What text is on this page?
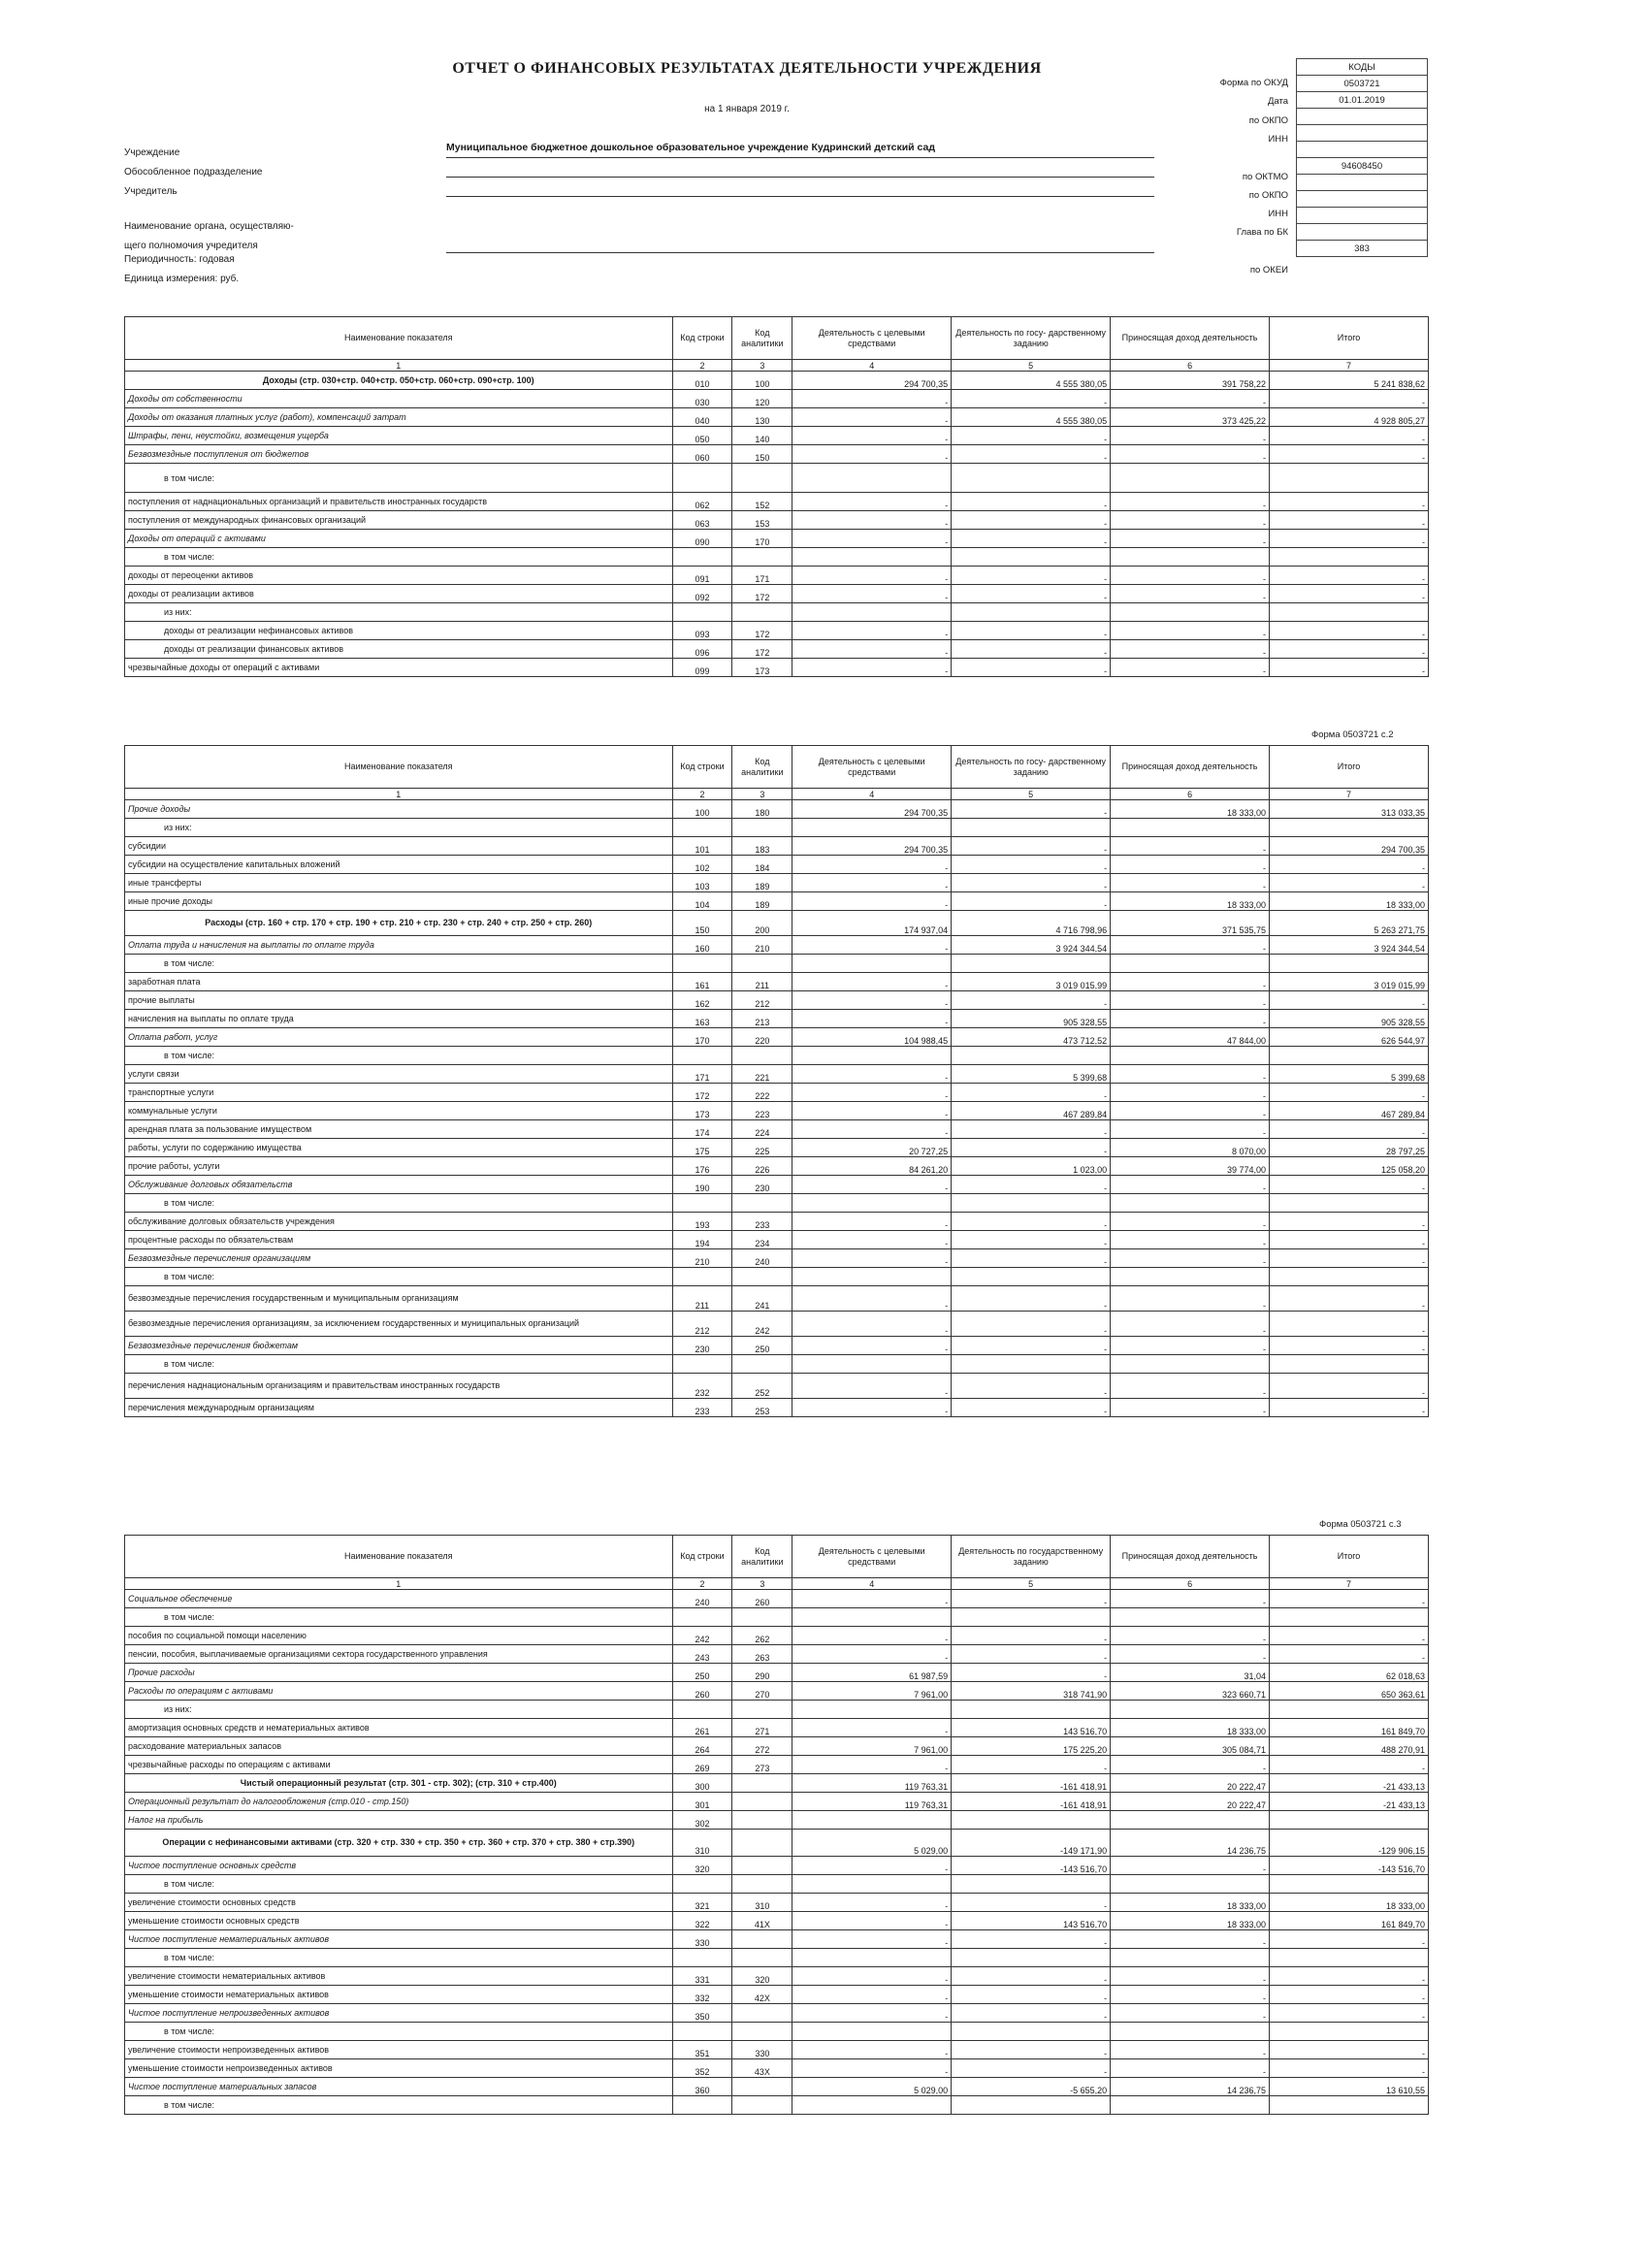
ОТЧЕТ О ФИНАНСОВЫХ РЕЗУЛЬТАТАХ ДЕЯТЕЛЬНОСТИ УЧРЕЖДЕНИЯ
на 1 января 2019 г.
Учреждение
Обособленное подразделение
Учредитель
Наименование органа, осуществляю-
щего полномочия учредителя
Периодичность: годовая
Единица измерения: руб.
Муниципальное бюджетное дошкольное образовательное учреждение Кудринский детский сад
Форма по ОКУД
Дата
по ОКПО
ИНН
по ОКТМО
по ОКПО
ИНН
Глава по БК
по ОКЕИ
КОДЫ
0503721
01.01.2019

94608450

383
Наименование показателя	Код строки	Код аналитики	Деятельность с целевыми средствами	Деятельность по госу- дарственному заданию	Приносящая доход деятельность	Итого
1	2	3	4	5	6	7
Доходы (стр. 030+стр. 040+стр. 050+стр. 060+стр. 090+стр. 100)	010	100	294 700,35	4 555 380,05	391 758,22	5 241 838,62
Доходы от собственности	030	120	-	-	-	-
Доходы от оказания платных услуг (работ), компенсаций затрат	040	130	-	4 555 380,05	373 425,22	4 928 805,27
Штрафы, пени, неустойки, возмещения ущерба	050	140	-	-	-	-
Безвозмездные поступления от бюджетов	060	150	-	-	-	-
в том числе:						
поступления от наднациональных организаций и правительств иностранных государств	062	152	-	-	-	-
поступления от международных финансовых организаций	063	153	-	-	-	-
Доходы от операций с активами	090	170	-	-	-	-
в том числе:						
доходы от переоценки активов	091	171	-	-	-	-
доходы от реализации активов	092	172	-	-	-	-
из них:						
доходы от реализации нефинансовых активов	093	172	-	-	-	-
доходы от реализации финансовых активов	096	172	-	-	-	-
чрезвычайные доходы от операций с активами	099	173	-	-	-	-
Форма 0503721 с.2
Наименование показателя	Код строки	Код аналитики	Деятельность с целевыми средствами	Деятельность по госу- дарственному заданию	Приносящая доход деятельность	Итого
1	2	3	4	5	6	7
Прочие доходы	100	180	294 700,35	-	18 333,00	313 033,35
из них:						
субсидии	101	183	294 700,35	-	-	294 700,35
субсидии на осуществление капитальных вложений	102	184	-	-	-	-
иные трансферты	103	189	-	-	-	-
иные прочие доходы	104	189	-	-	18 333,00	18 333,00
Расходы (стр. 160 + стр. 170 + стр. 190 + стр. 210 + стр. 230 + стр. 240 + стр. 250 + стр. 260)	150	200	174 937,04	4 716 798,96	371 535,75	5 263 271,75
Оплата труда и начисления на выплаты по оплате труда	160	210	-	3 924 344,54	-	3 924 344,54
в том числе:						
заработная плата	161	211	-	3 019 015,99	-	3 019 015,99
прочие выплаты	162	212	-	-	-	-
начисления на выплаты по оплате труда	163	213	-	905 328,55	-	905 328,55
Оплата работ, услуг	170	220	104 988,45	473 712,52	47 844,00	626 544,97
в том числе:						
услуги связи	171	221	-	5 399,68	-	5 399,68
транспортные услуги	172	222	-	-	-	-
коммунальные услуги	173	223	-	467 289,84	-	467 289,84
арендная плата за пользование имуществом	174	224	-	-	-	-
работы, услуги по содержанию имущества	175	225	20 727,25	-	8 070,00	28 797,25
прочие работы, услуги	176	226	84 261,20	1 023,00	39 774,00	125 058,20
Обслуживание долговых обязательств	190	230	-	-	-	-
в том числе:						
обслуживание долговых обязательств учреждения	193	233	-	-	-	-
процентные расходы по обязательствам	194	234	-	-	-	-
Безвозмездные перечисления организациям	210	240	-	-	-	-
в том числе:						
безвозмездные перечисления государственным и муниципальным организациям	211	241	-	-	-	-
безвозмездные перечисления организациям, за исключением государственных и муниципальных организаций	212	242	-	-	-	-
Безвозмездные перечисления бюджетам	230	250	-	-	-	-
в том числе:						
перечисления наднациональным организациям и правительствам иностранных государств	232	252	-	-	-	-
перечисления международным организациям	233	253	-	-	-	-
Форма 0503721 с.3
Наименование показателя	Код строки	Код аналитики	Деятельность с целевыми средствами	Деятельность по государственному заданию	Приносящая доход деятельность	Итого
1	2	3	4	5	6	7
Социальное обеспечение	240	260	-	-	-	-
в том числе:						
пособия по социальной помощи населению	242	262	-	-	-	-
пенсии, пособия, выплачиваемые организациями сектора государственного управления	243	263	-	-	-	-
Прочие расходы	250	290	61 987,59	-	31,04	62 018,63
Расходы по операциям с активами	260	270	7 961,00	318 741,90	323 660,71	650 363,61
из них:						
амортизация основных средств и нематериальных активов	261	271	-	143 516,70	18 333,00	161 849,70
расходование материальных запасов	264	272	7 961,00	175 225,20	305 084,71	488 270,91
чрезвычайные расходы по операциям с активами	269	273	-	-	-	-
Чистый операционный результат (стр. 301 - стр. 302); (стр. 310 + стр.400)	300		119 763,31	-161 418,91	20 222,47	-21 433,13
Операционный результат до налогообложения (стр.010 - стр.150)	301		119 763,31	-161 418,91	20 222,47	-21 433,13
Налог на прибыль	302					
Операции с нефинансовыми активами (стр. 320 + стр. 330 + стр. 350 + стр. 360 + стр. 370 + стр. 380 + стр.390)	310		5 029,00	-149 171,90	14 236,75	-129 906,15
Чистое поступление основных средств	320		-	-143 516,70	-	-143 516,70
в том числе:						
увеличение стоимости основных средств	321	310	-	-	18 333,00	18 333,00
уменьшение стоимости основных средств	322	41Х	-	143 516,70	18 333,00	161 849,70
Чистое поступление нематериальных активов	330		-	-	-	-
в том числе:						
увеличение стоимости нематериальных активов	331	320	-	-	-	-
уменьшение стоимости нематериальных активов	332	42Х	-	-	-	-
Чистое поступление непроизведенных активов	350		-	-	-	-
в том числе:						
увеличение стоимости непроизведенных активов	351	330	-	-	-	-
уменьшение стоимости непроизведенных активов	352	43Х	-	-	-	-
Чистое поступление материальных запасов	360		5 029,00	-5 655,20	14 236,75	13 610,55
в том числе:						
